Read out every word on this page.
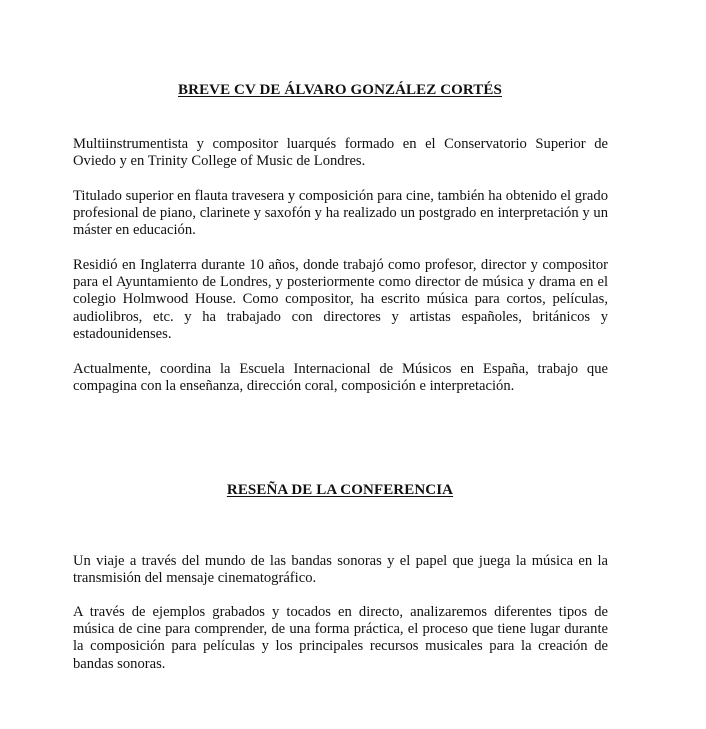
BREVE CV DE ÁLVARO GONZÁLEZ CORTÉS

Multiinstrumentista y compositor luarqués formado en el Conservatorio Superior de Oviedo y en Trinity College of Music de Londres.

Titulado superior en flauta travesera y composición para cine, también ha obtenido el grado profesional de piano, clarinete y saxofón y ha realizado un postgrado en interpretación y un máster en educación.

Residió en Inglaterra durante 10 años, donde trabajó como profesor, director y compositor para el Ayuntamiento de Londres, y posteriormente como director de música y drama en el colegio Holmwood House. Como compositor, ha escrito música para cortos, películas, audiolibros, etc. y ha trabajado con directores y artistas españoles, británicos y estadounidenses.

Actualmente, coordina la Escuela Internacional de Músicos en España, trabajo que compagina con la enseñanza, dirección coral, composición e interpretación.

RESEÑA DE LA CONFERENCIA

Un viaje a través del mundo de las bandas sonoras y el papel que juega la música en la transmisión del mensaje cinematográfico.

A través de ejemplos grabados y tocados en directo, analizaremos diferentes tipos de música de cine para comprender, de una forma práctica, el proceso que tiene lugar durante la composición para películas y los principales recursos musicales para la creación de bandas sonoras.
